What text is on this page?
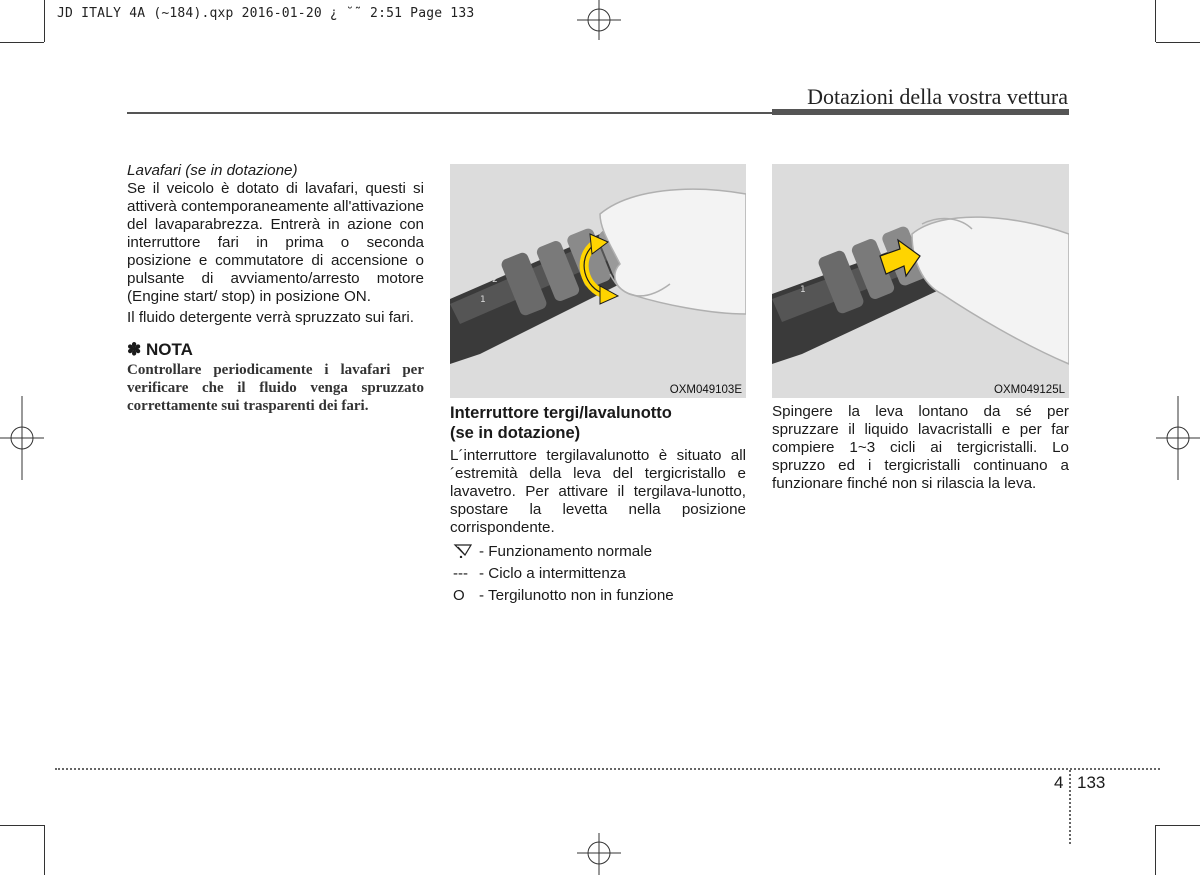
JD ITALY 4A (~184).qxp 2016-01-20 ¿ ˘˜ 2:51 Page 133
Dotazioni della vostra vettura
Lavafari (se in dotazione)

Se il veicolo è dotato di lavafari, questi si attiverà contemporaneamente all'attivazione del lavaparabrezza. Entrerà in azione con interruttore fari in prima o seconda posizione e commutatore di accensione o pulsante di avviamento/arresto motore (Engine start/ stop) in posizione ON.

Il fluido detergente verrà spruzzato sui fari.

✽ NOTA
Controllare periodicamente i lavafari per verificare che il fluido venga spruzzato correttamente sui trasparenti dei fari.
2
1
OXM049103E
2
1
OXM049125L
Interruttore tergi/lavalunotto
(se in dotazione)

L´interruttore tergilavalunotto è situato all´estremità della leva del tergicristallo e lavavetro. Per attivare il tergilava-lunotto, spostare la levetta nella posizione corrispondente.

- Funzionamento normale
--- - Ciclo a intermittenza
O - Tergilunotto non in funzione

Spingere la leva lontano da sé per spruzzare il liquido lavacristalli e per far compiere 1~3 cicli ai tergicristalli. Lo spruzzo ed i tergicristalli continuano a funzionare finché non si rilascia la leva.

4 133
